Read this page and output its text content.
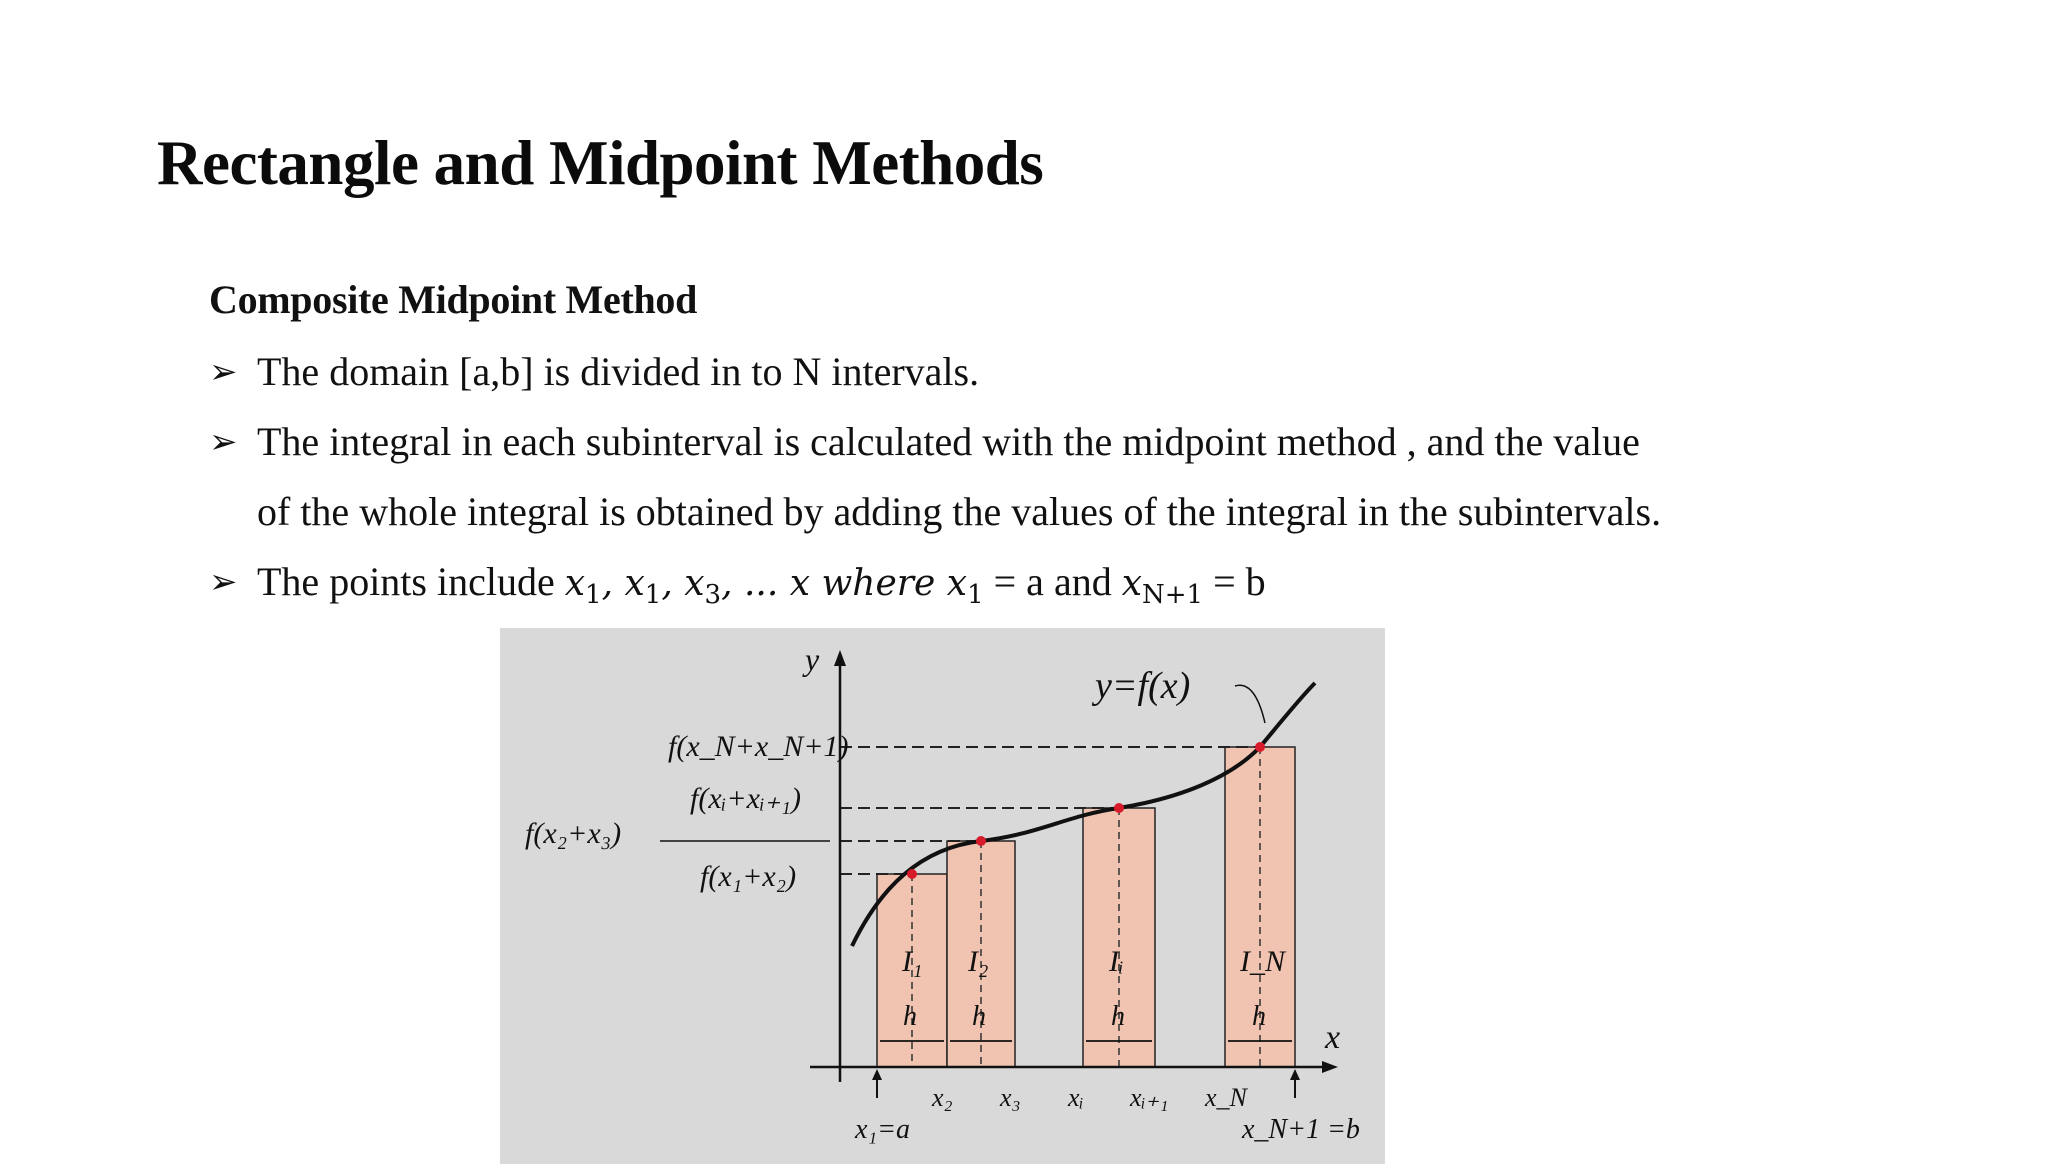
Rectangle and Midpoint Methods
Composite Midpoint Method
➢ The domain [a,b] is divided in to N intervals.
➢ The integral in each subinterval is calculated with the midpoint method , and the value
of the whole integral is obtained by adding the values of the integral in the subintervals.
➢ The points include $x_1$, $x_1$, $x_3$, ... x where $x_1 = a$ and $x_{N+1} = b$
y
x
y=f(x)
f(x_N+x_N+1)
f(xᵢ+xᵢ₊₁)
f(x₁+x₂)
f(x₂+x₃)
I₁ I₂	Iᵢ	I_N
h h	h	h
x₂ x₃ xᵢ xᵢ₊₁ x_N
x₁=a	x_N+1 =b
